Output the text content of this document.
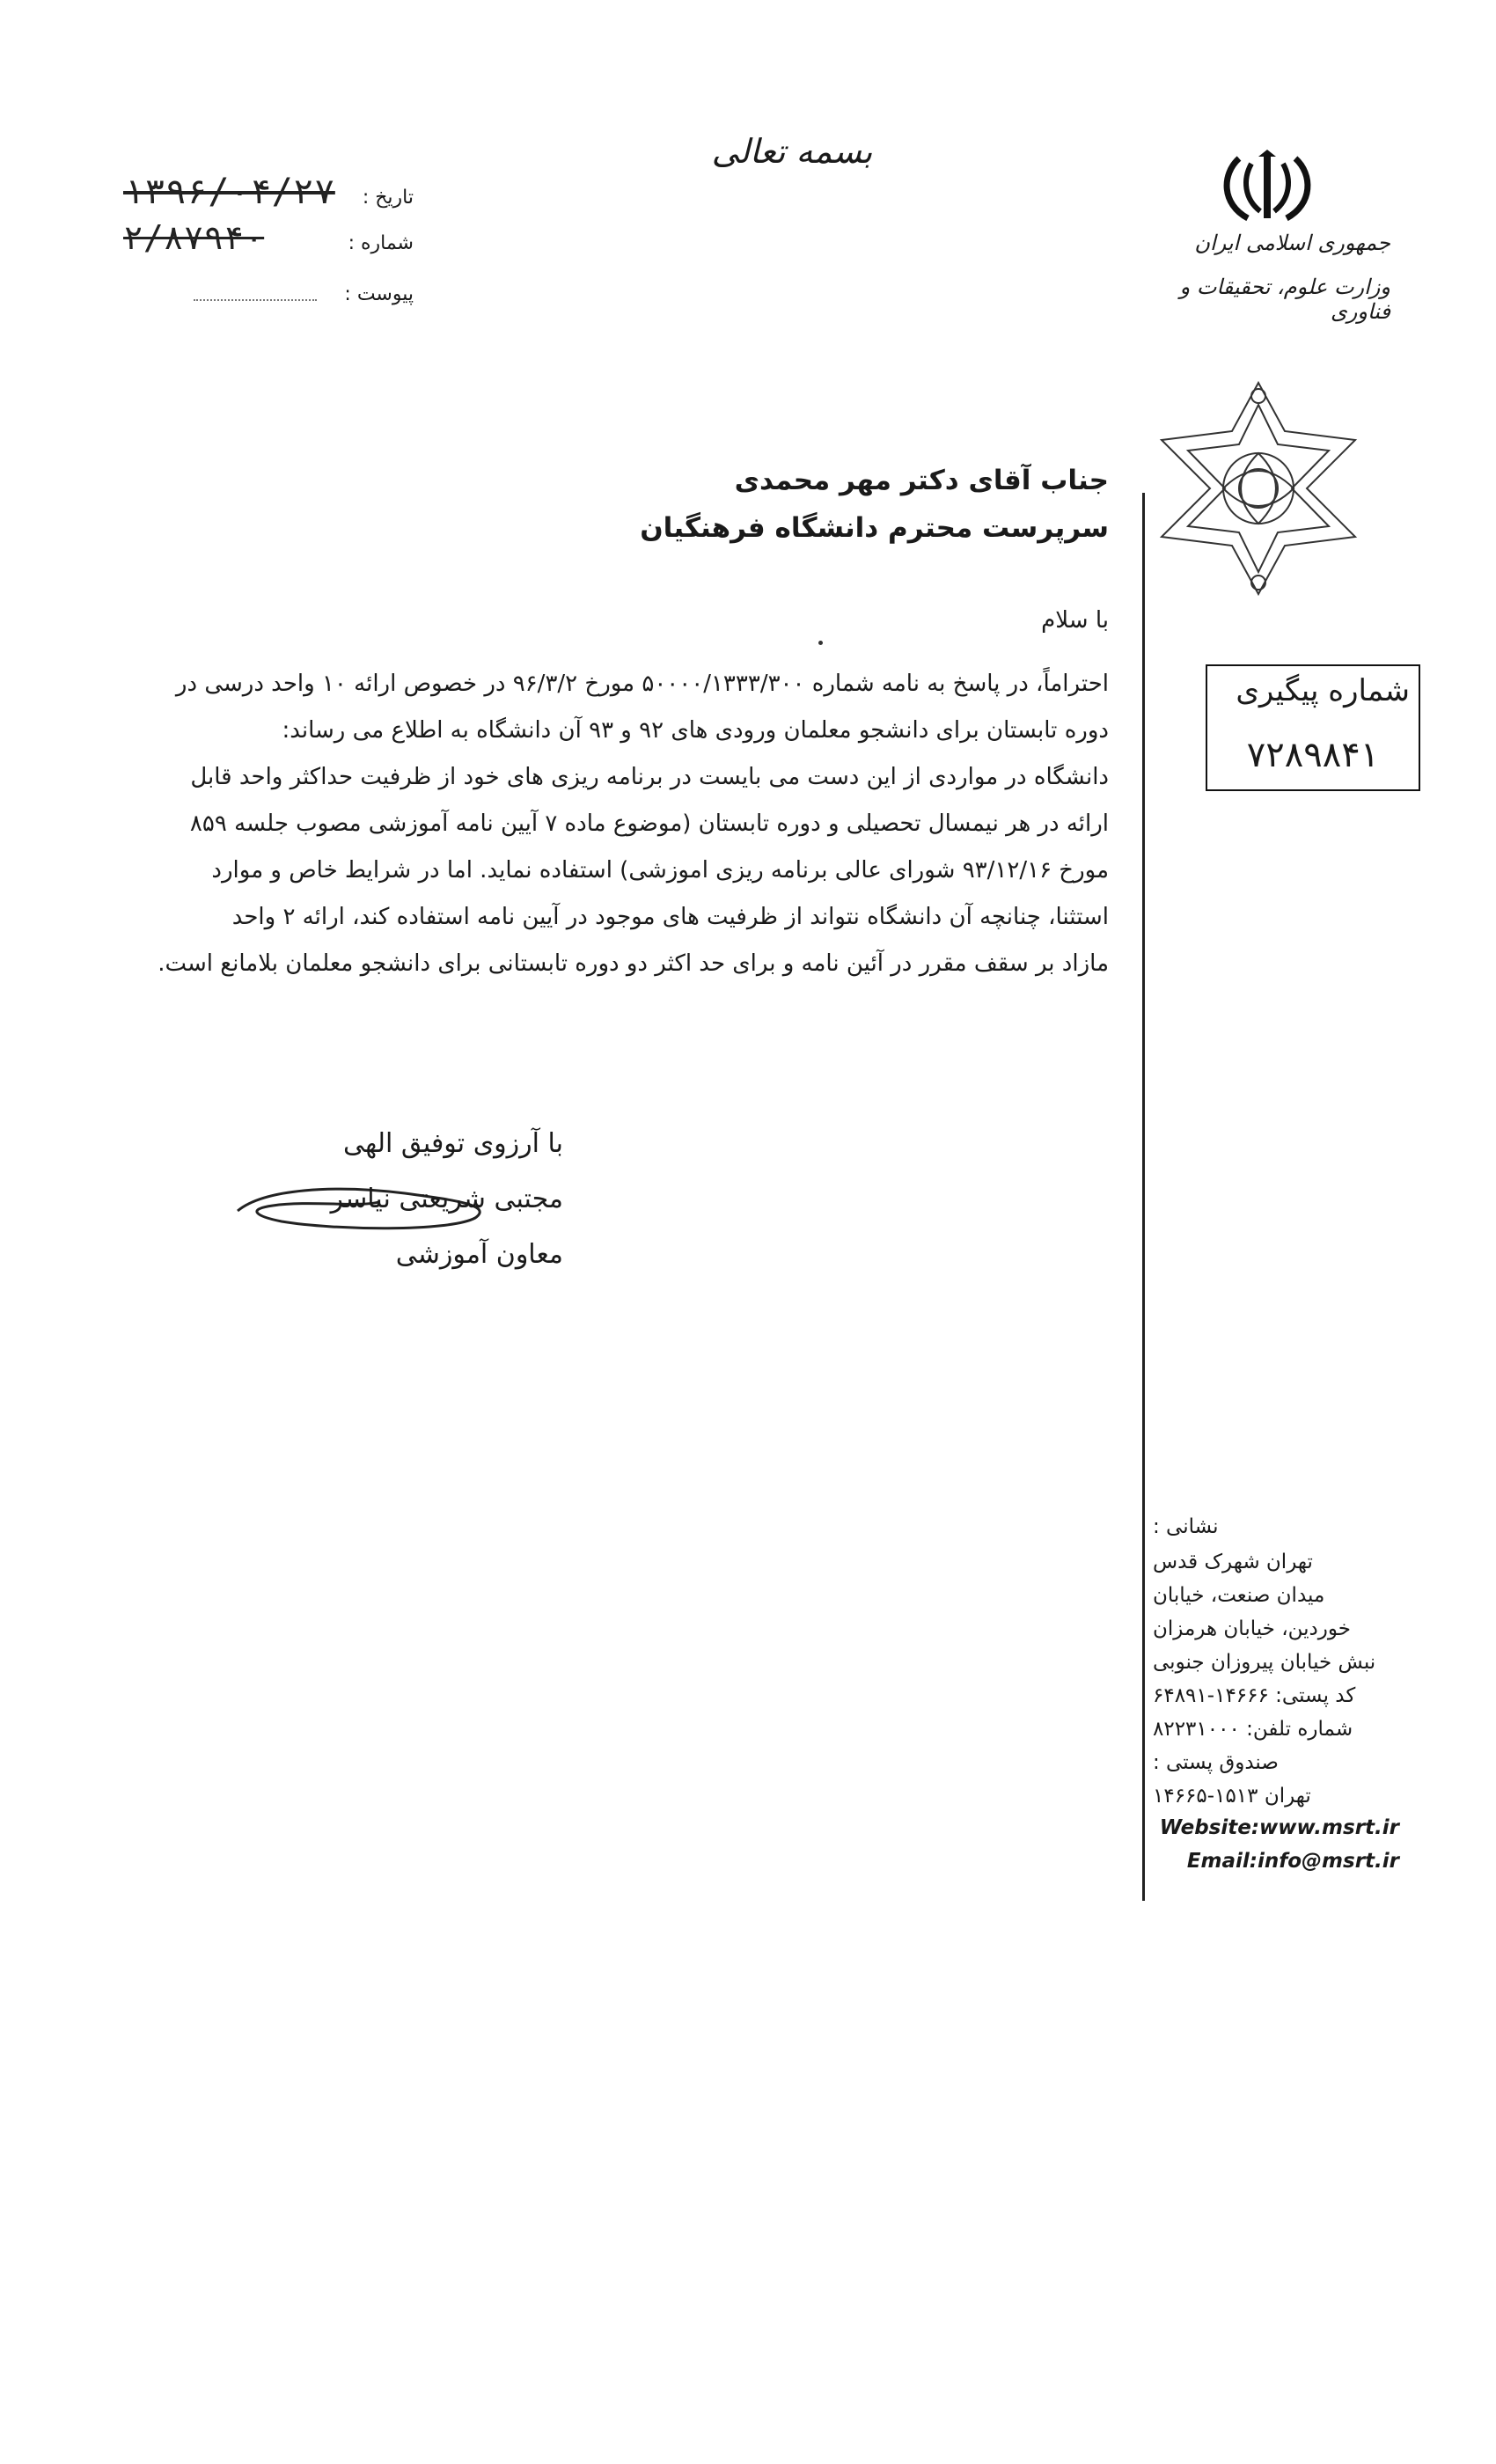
بسمه تعالی
جمهوری اسلامی ایران
وزارت علوم، تحقیقات و فناوری
تاریخ :
۱۳۹۶/۰۴/۲۷
شماره :
۲/۸۷۹۴۰
پیوست :
شماره پیگیری
۷۲۸۹۸۴۱
جناب آقای دکتر مهر محمدی
سرپرست محترم دانشگاه فرهنگیان
با سلام
احتراماً، در پاسخ به نامه شماره ۵۰۰۰۰/۱۳۳۳/۳۰۰ مورخ ۹۶/۳/۲ در خصوص ارائه ۱۰ واحد درسی در
دوره تابستان برای دانشجو معلمان ورودی های ۹۲ و ۹۳ آن دانشگاه به اطلاع می رساند:
دانشگاه در مواردی از این دست می بایست در برنامه ریزی های خود از ظرفیت حداکثر واحد قابل
ارائه در هر نیمسال تحصیلی و دوره تابستان (موضوع ماده ۷ آیین نامه آموزشی مصوب جلسه ۸۵۹
مورخ ۹۳/۱۲/۱۶ شورای عالی برنامه ریزی اموزشی) استفاده نماید. اما در شرایط خاص و موارد
استثنا، چنانچه آن دانشگاه نتواند از ظرفیت های موجود در آیین نامه استفاده کند، ارائه ۲ واحد
مازاد بر سقف مقرر در آئین نامه و برای حد اکثر دو دوره تابستانی برای دانشجو معلمان بلامانع است.
با آرزوی توفیق الهی
مجتبی شریعتی نیاسر
معاون آموزشی
نشانی :
تهران شهرک قدس
میدان صنعت، خیابان
خوردین، خیابان هرمزان
نبش خیابان پیروزان جنوبی
کد پستی: ۱۴۶۶۶-۶۴۸۹۱
شماره تلفن: ۸۲۲۳۱۰۰۰
صندوق پستی :
تهران ۱۵۱۳-۱۴۶۶۵
Website:www.msrt.ir
Email:info@msrt.ir
